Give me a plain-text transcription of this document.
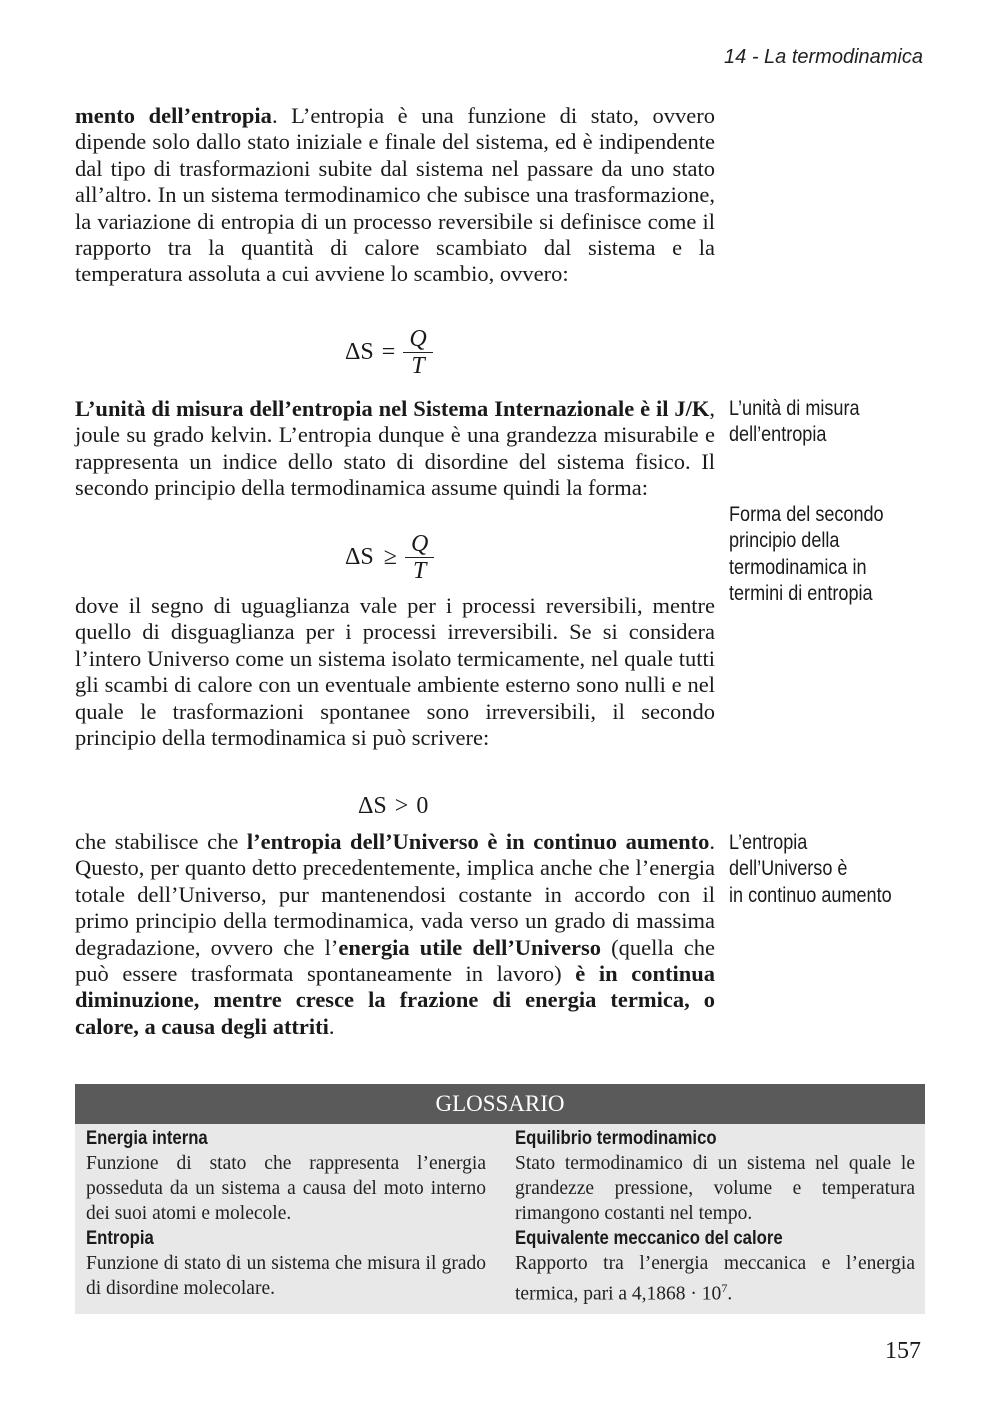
14 - La termodinamica

mento dell’entropia. L’entropia è una funzione di stato, ovvero dipende solo dallo stato iniziale e finale del sistema, ed è indipendente dal tipo di trasformazioni subite dal sistema nel passare da uno stato all’altro. In un sistema termodinamico che subisce una trasformazione, la variazione di entropia di un processo reversibile si definisce come il rapporto tra la quantità di calore scambiato dal sistema e la temperatura assoluta a cui avviene lo scambio, ovvero:

$\Delta S = \frac{Q}{T}$

L’unità di misura dell’entropia nel Sistema Internazionale è il J/K, joule su grado kelvin. L’entropia dunque è una grandezza misurabile e rappresenta un indice dello stato di disordine del sistema fisico. Il secondo principio della termodinamica assume quindi la forma:

$\Delta S \ge \frac{Q}{T}$

dove il segno di uguaglianza vale per i processi reversibili, mentre quello di disguaglianza per i processi irreversibili. Se si considera l’intero Universo come un sistema isolato termicamente, nel quale tutti gli scambi di calore con un eventuale ambiente esterno sono nulli e nel quale le trasformazioni spontanee sono irreversibili, il secondo principio della termodinamica si può scrivere:

ΔS > 0

che stabilisce che l’entropia dell’Universo è in continuo aumento. Questo, per quanto detto precedentemente, implica anche che l’energia totale dell’Universo, pur mantenendosi costante in accordo con il primo principio della termodinamica, vada verso un grado di massima degradazione, ovvero che l’energia utile dell’Universo (quella che può essere trasformata spontaneamente in lavoro) è in continua diminuzione, mentre cresce la frazione di energia termica, o calore, a causa degli attriti.

L’unità di misura
dell’entropia
Forma del secondo
principio della
termodinamica in
termini di entropia
L’entropia
dell’Universo è
in continuo aumento
GLOSSARIO
Energia interna
Funzione di stato che rappresenta l’energia posseduta da un sistema a causa del moto interno dei suoi atomi e molecole.
Entropia
Funzione di stato di un sistema che misura il grado di disordine molecolare.
Equilibrio termodinamico
Stato termodinamico di un sistema nel quale le grandezze pressione, volume e temperatura rimangono costanti nel tempo.
Equivalente meccanico del calore
Rapporto tra l’energia meccanica e l’energia termica, pari a $4,1868 \cdot 10^7$.
157
